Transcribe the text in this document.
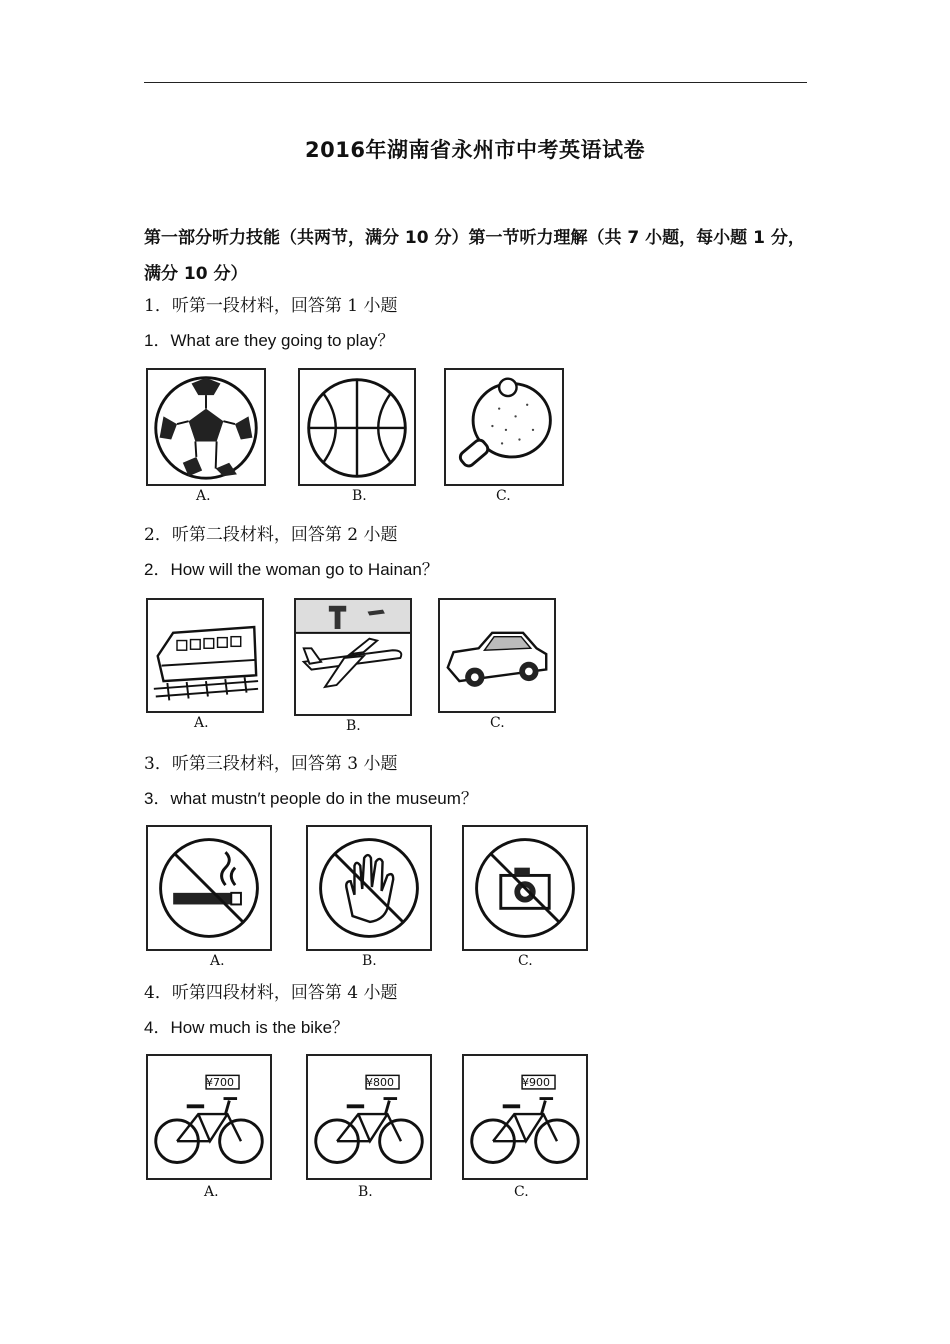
2016年湖南省永州市中考英语试卷
第一部分听力技能（共两节，满分 10 分）第一节听力理解（共 7 小题，每小题 1 分，满分 10 分）
1．听第一段材料，回答第 1 小题
1．What are they going to play？
A.	B.	C.
2．听第二段材料，回答第 2 小题
2．How will the woman go to Hainan？
A.	B.	C.
3．听第三段材料，回答第 3 小题
3．what mustn′t people do in the museum？
A.	B.	C.
4．听第四段材料，回答第 4 小题
4．How much is the bike？
¥700
A.
¥800
B.
¥900
C.
